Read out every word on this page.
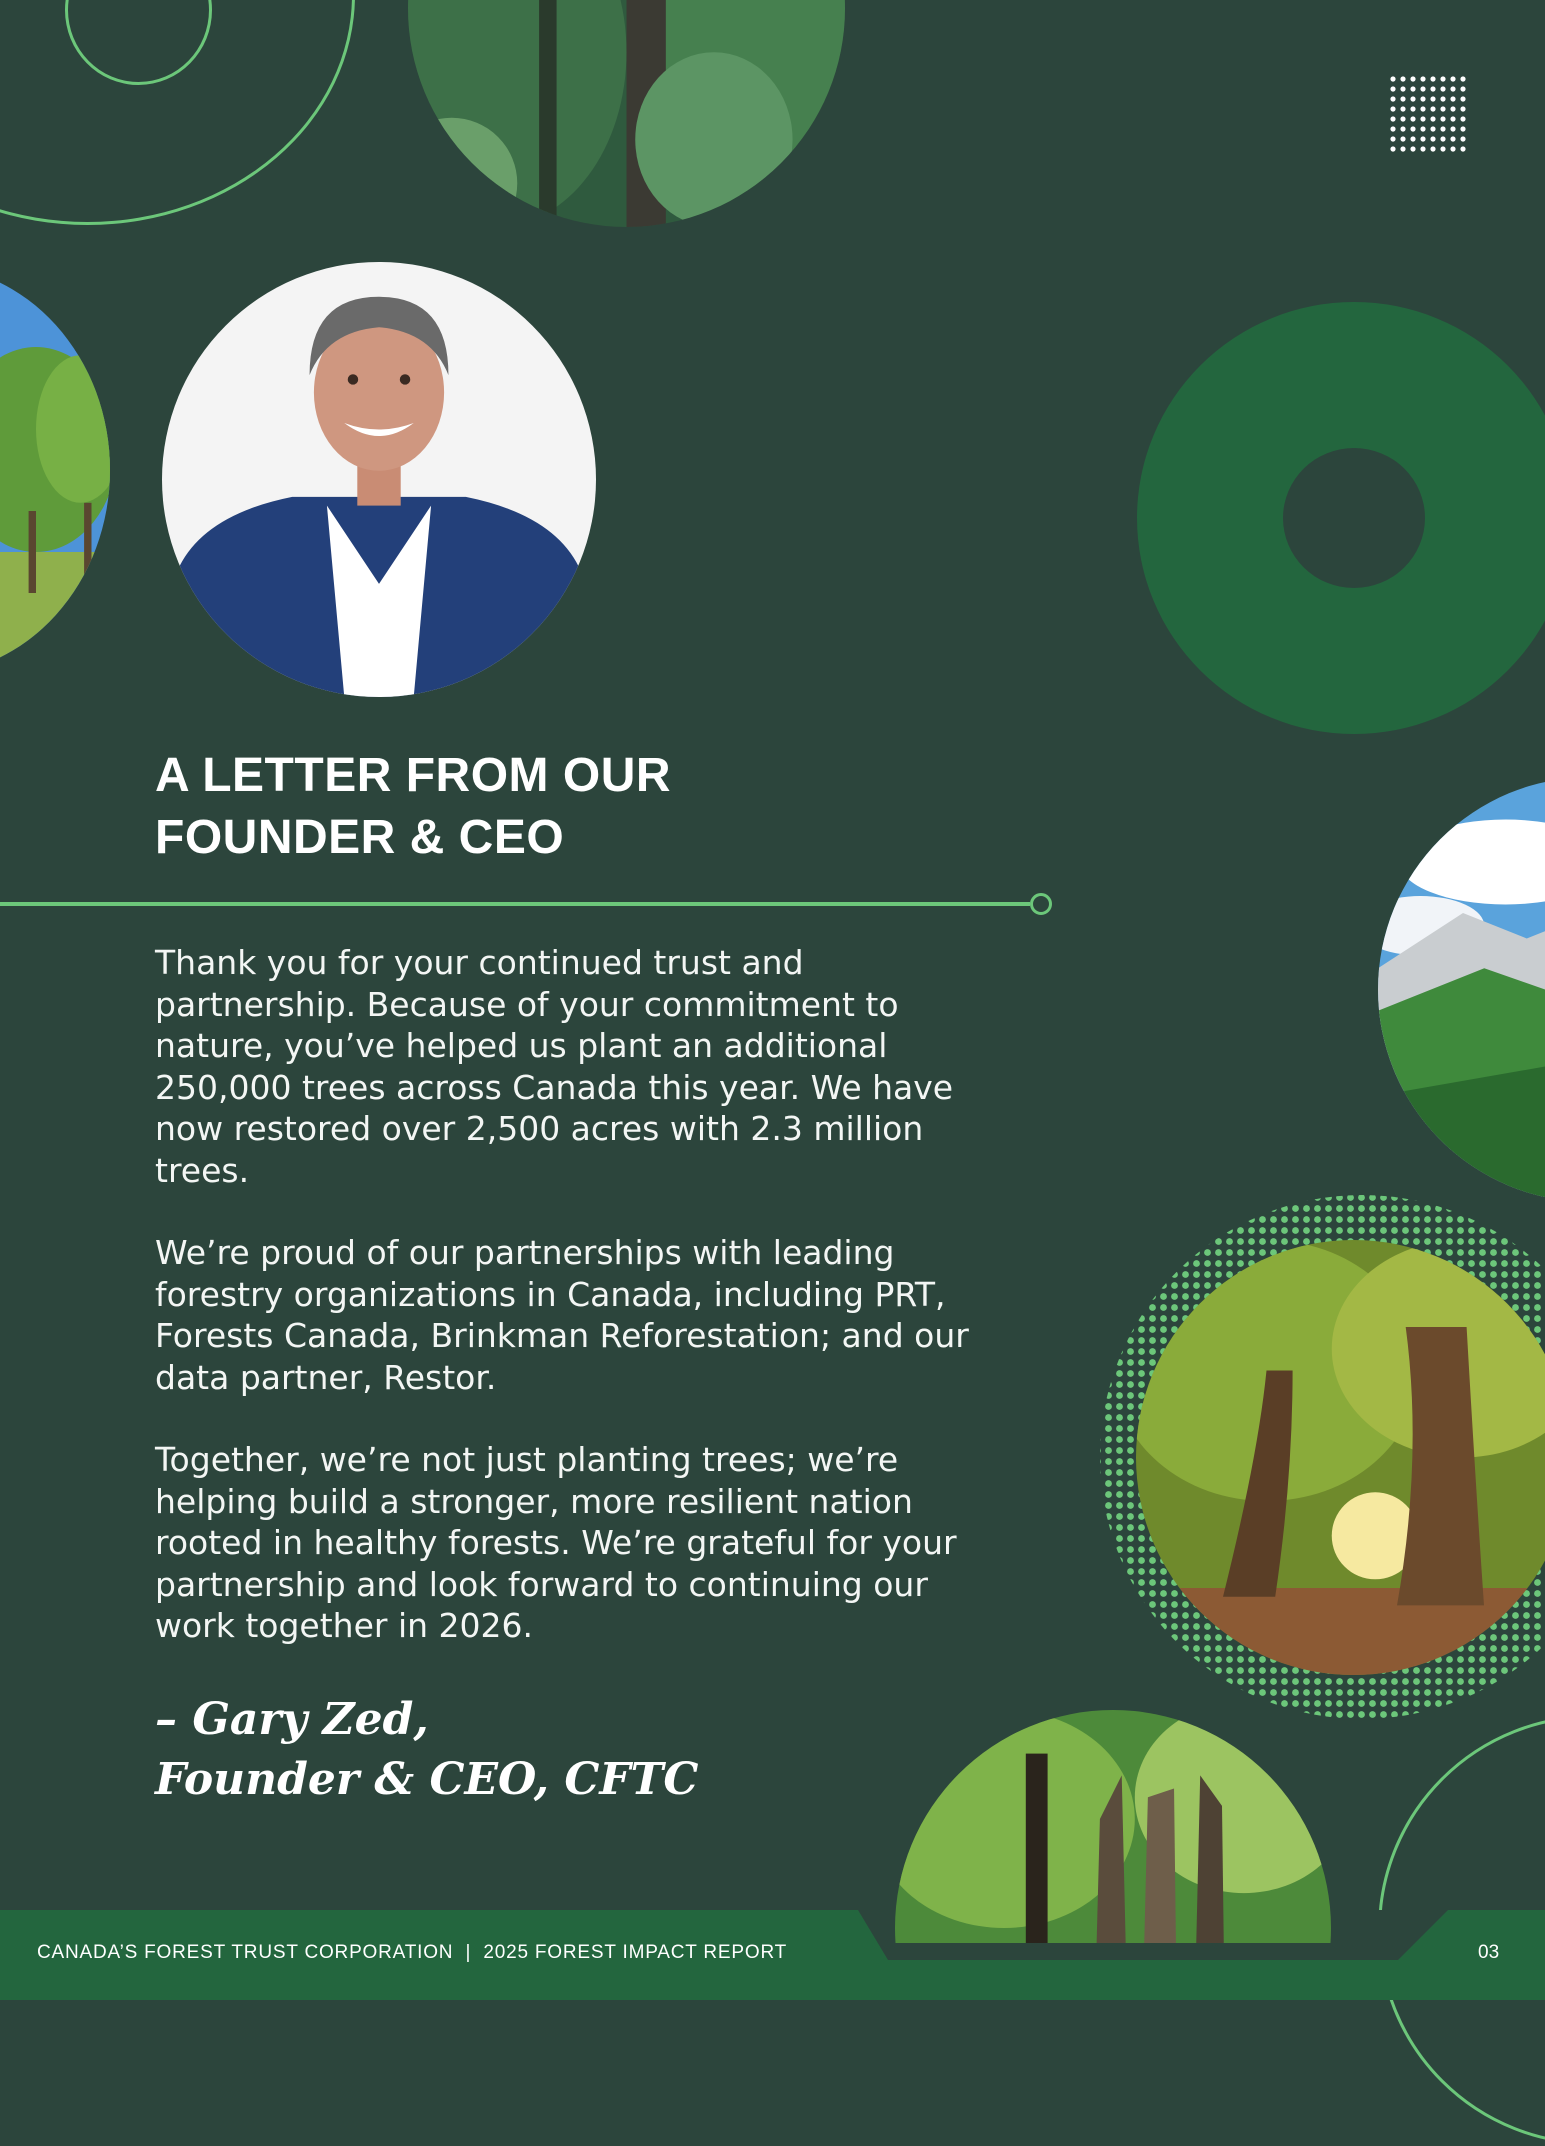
A LETTER FROM OUR
FOUNDER & CEO

Thank you for your continued trust and partnership. Because of your commitment to nature, you’ve helped us plant an additional 250,000 trees across Canada this year. We have now restored over 2,500 acres with 2.3 million trees.

We’re proud of our partnerships with leading forestry organizations in Canada, including PRT, Forests Canada, Brinkman Reforestation; and our data partner, Restor.

Together, we’re not just planting trees; we’re helping build a stronger, more resilient nation rooted in healthy forests. We’re grateful for your partnership and look forward to continuing our work together in 2026.

– Gary Zed,
Founder & CEO, CFTC
CANADA’S FOREST TRUST CORPORATION  |  2025 FOREST IMPACT REPORT	03
